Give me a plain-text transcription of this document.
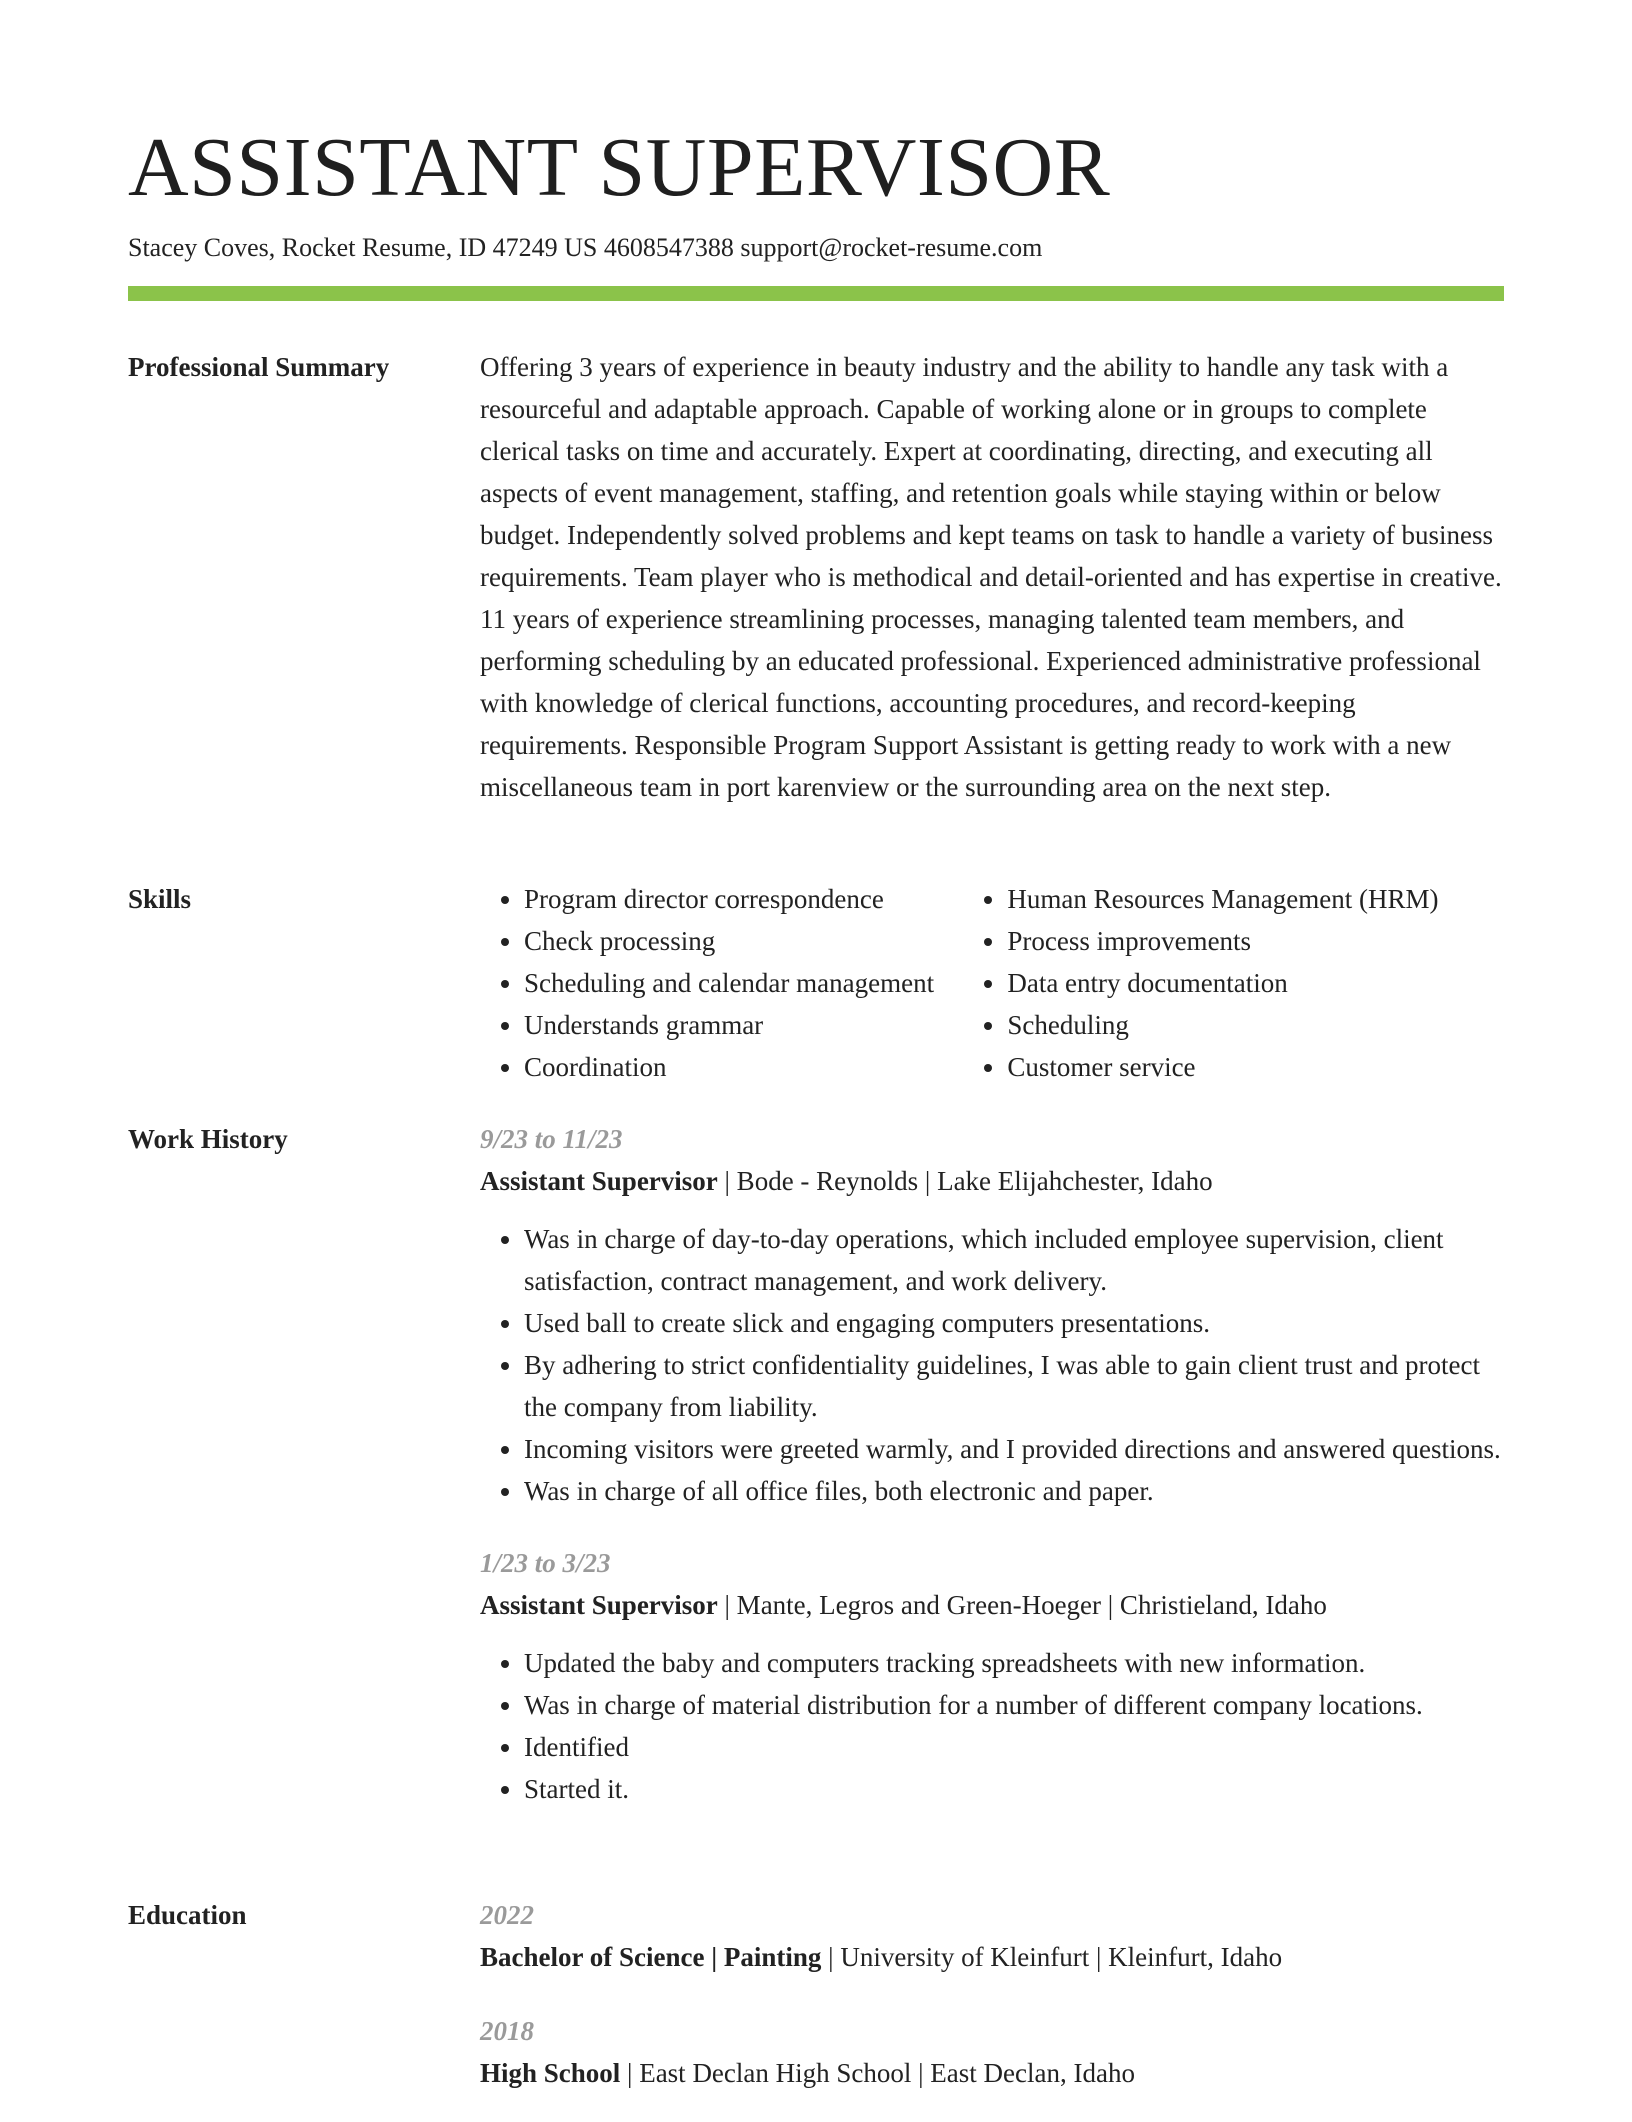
ASSISTANT SUPERVISOR
Stacey Coves, Rocket Resume, ID 47249 US 4608547388 support@rocket-resume.com
Professional Summary	Offering 3 years of experience in beauty industry and the ability to handle any task with a resourceful and adaptable approach. Capable of working alone or in groups to complete clerical tasks on time and accurately. Expert at coordinating, directing, and executing all aspects of event management, staffing, and retention goals while staying within or below budget. Independently solved problems and kept teams on task to handle a variety of business requirements. Team player who is methodical and detail-oriented and has expertise in creative. 11 years of experience streamlining processes, managing talented team members, and performing scheduling by an educated professional. Experienced administrative professional with knowledge of clerical functions, accounting procedures, and record-keeping requirements. Responsible Program Support Assistant is getting ready to work with a new miscellaneous team in port karenview or the surrounding area on the next step.

Skills
•	Program director correspondence
• Check processing
• Scheduling and calendar management
• Understands grammar
• Coordination
• Human Resources Management (HRM)
• Process improvements
• Data entry documentation
• Scheduling
• Customer service
Work History	9/23 to 11/23
Assistant Supervisor | Bode - Reynolds | Lake Elijahchester, Idaho
• Was in charge of day-to-day operations, which included employee supervision, client satisfaction, contract management, and work delivery.
• Used ball to create slick and engaging computers presentations.
• By adhering to strict confidentiality guidelines, I was able to gain client trust and protect the company from liability.
• Incoming visitors were greeted warmly, and I provided directions and answered questions.
• Was in charge of all office files, both electronic and paper.
1/23 to 3/23
Assistant Supervisor | Mante, Legros and Green-Hoeger | Christieland, Idaho
• Updated the baby and computers tracking spreadsheets with new information.
• Was in charge of material distribution for a number of different company locations.
• Identified
• Started it.
Education	2022
Bachelor of Science | Painting | University of Kleinfurt | Kleinfurt, Idaho
2018
High School | East Declan High School | East Declan, Idaho
